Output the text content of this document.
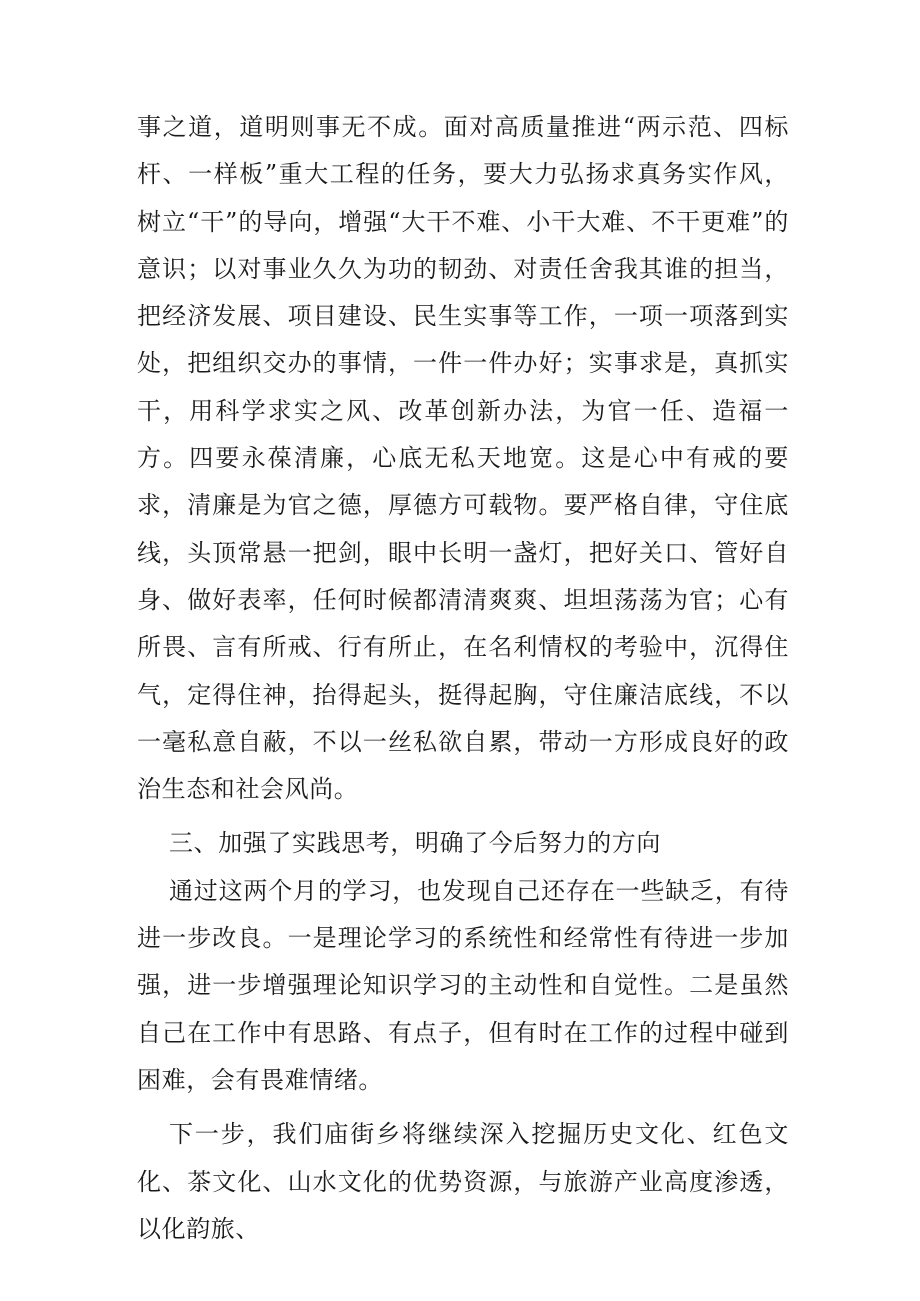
事之道，道明则事无不成。面对高质量推进“两示范、四标杆、一样板”重大工程的任务，要大力弘扬求真务实作风，树立“干”的导向，增强“大干不难、小干大难、不干更难”的意识；以对事业久久为功的韧劲、对责任舍我其谁的担当，把经济发展、项目建设、民生实事等工作，一项一项落到实处，把组织交办的事情，一件一件办好；实事求是，真抓实干，用科学求实之风、改革创新办法，为官一任、造福一方。四要永葆清廉，心底无私天地宽。这是心中有戒的要求，清廉是为官之德，厚德方可载物。要严格自律，守住底线，头顶常悬一把剑，眼中长明一盏灯，把好关口、管好自身、做好表率，任何时候都清清爽爽、坦坦荡荡为官；心有所畏、言有所戒、行有所止，在名利情权的考验中，沉得住气，定得住神，抬得起头，挺得起胸，守住廉洁底线，不以一毫私意自蔽，不以一丝私欲自累，带动一方形成良好的政治生态和社会风尚。

三、加强了实践思考，明确了今后努力的方向

通过这两个月的学习，也发现自己还存在一些缺乏，有待进一步改良。一是理论学习的系统性和经常性有待进一步加强，进一步增强理论知识学习的主动性和自觉性。二是虽然自己在工作中有思路、有点子，但有时在工作的过程中碰到困难，会有畏难情绪。

下一步，我们庙街乡将继续深入挖掘历史文化、红色文化、茶文化、山水文化的优势资源，与旅游产业高度渗透，以化韵旅、
